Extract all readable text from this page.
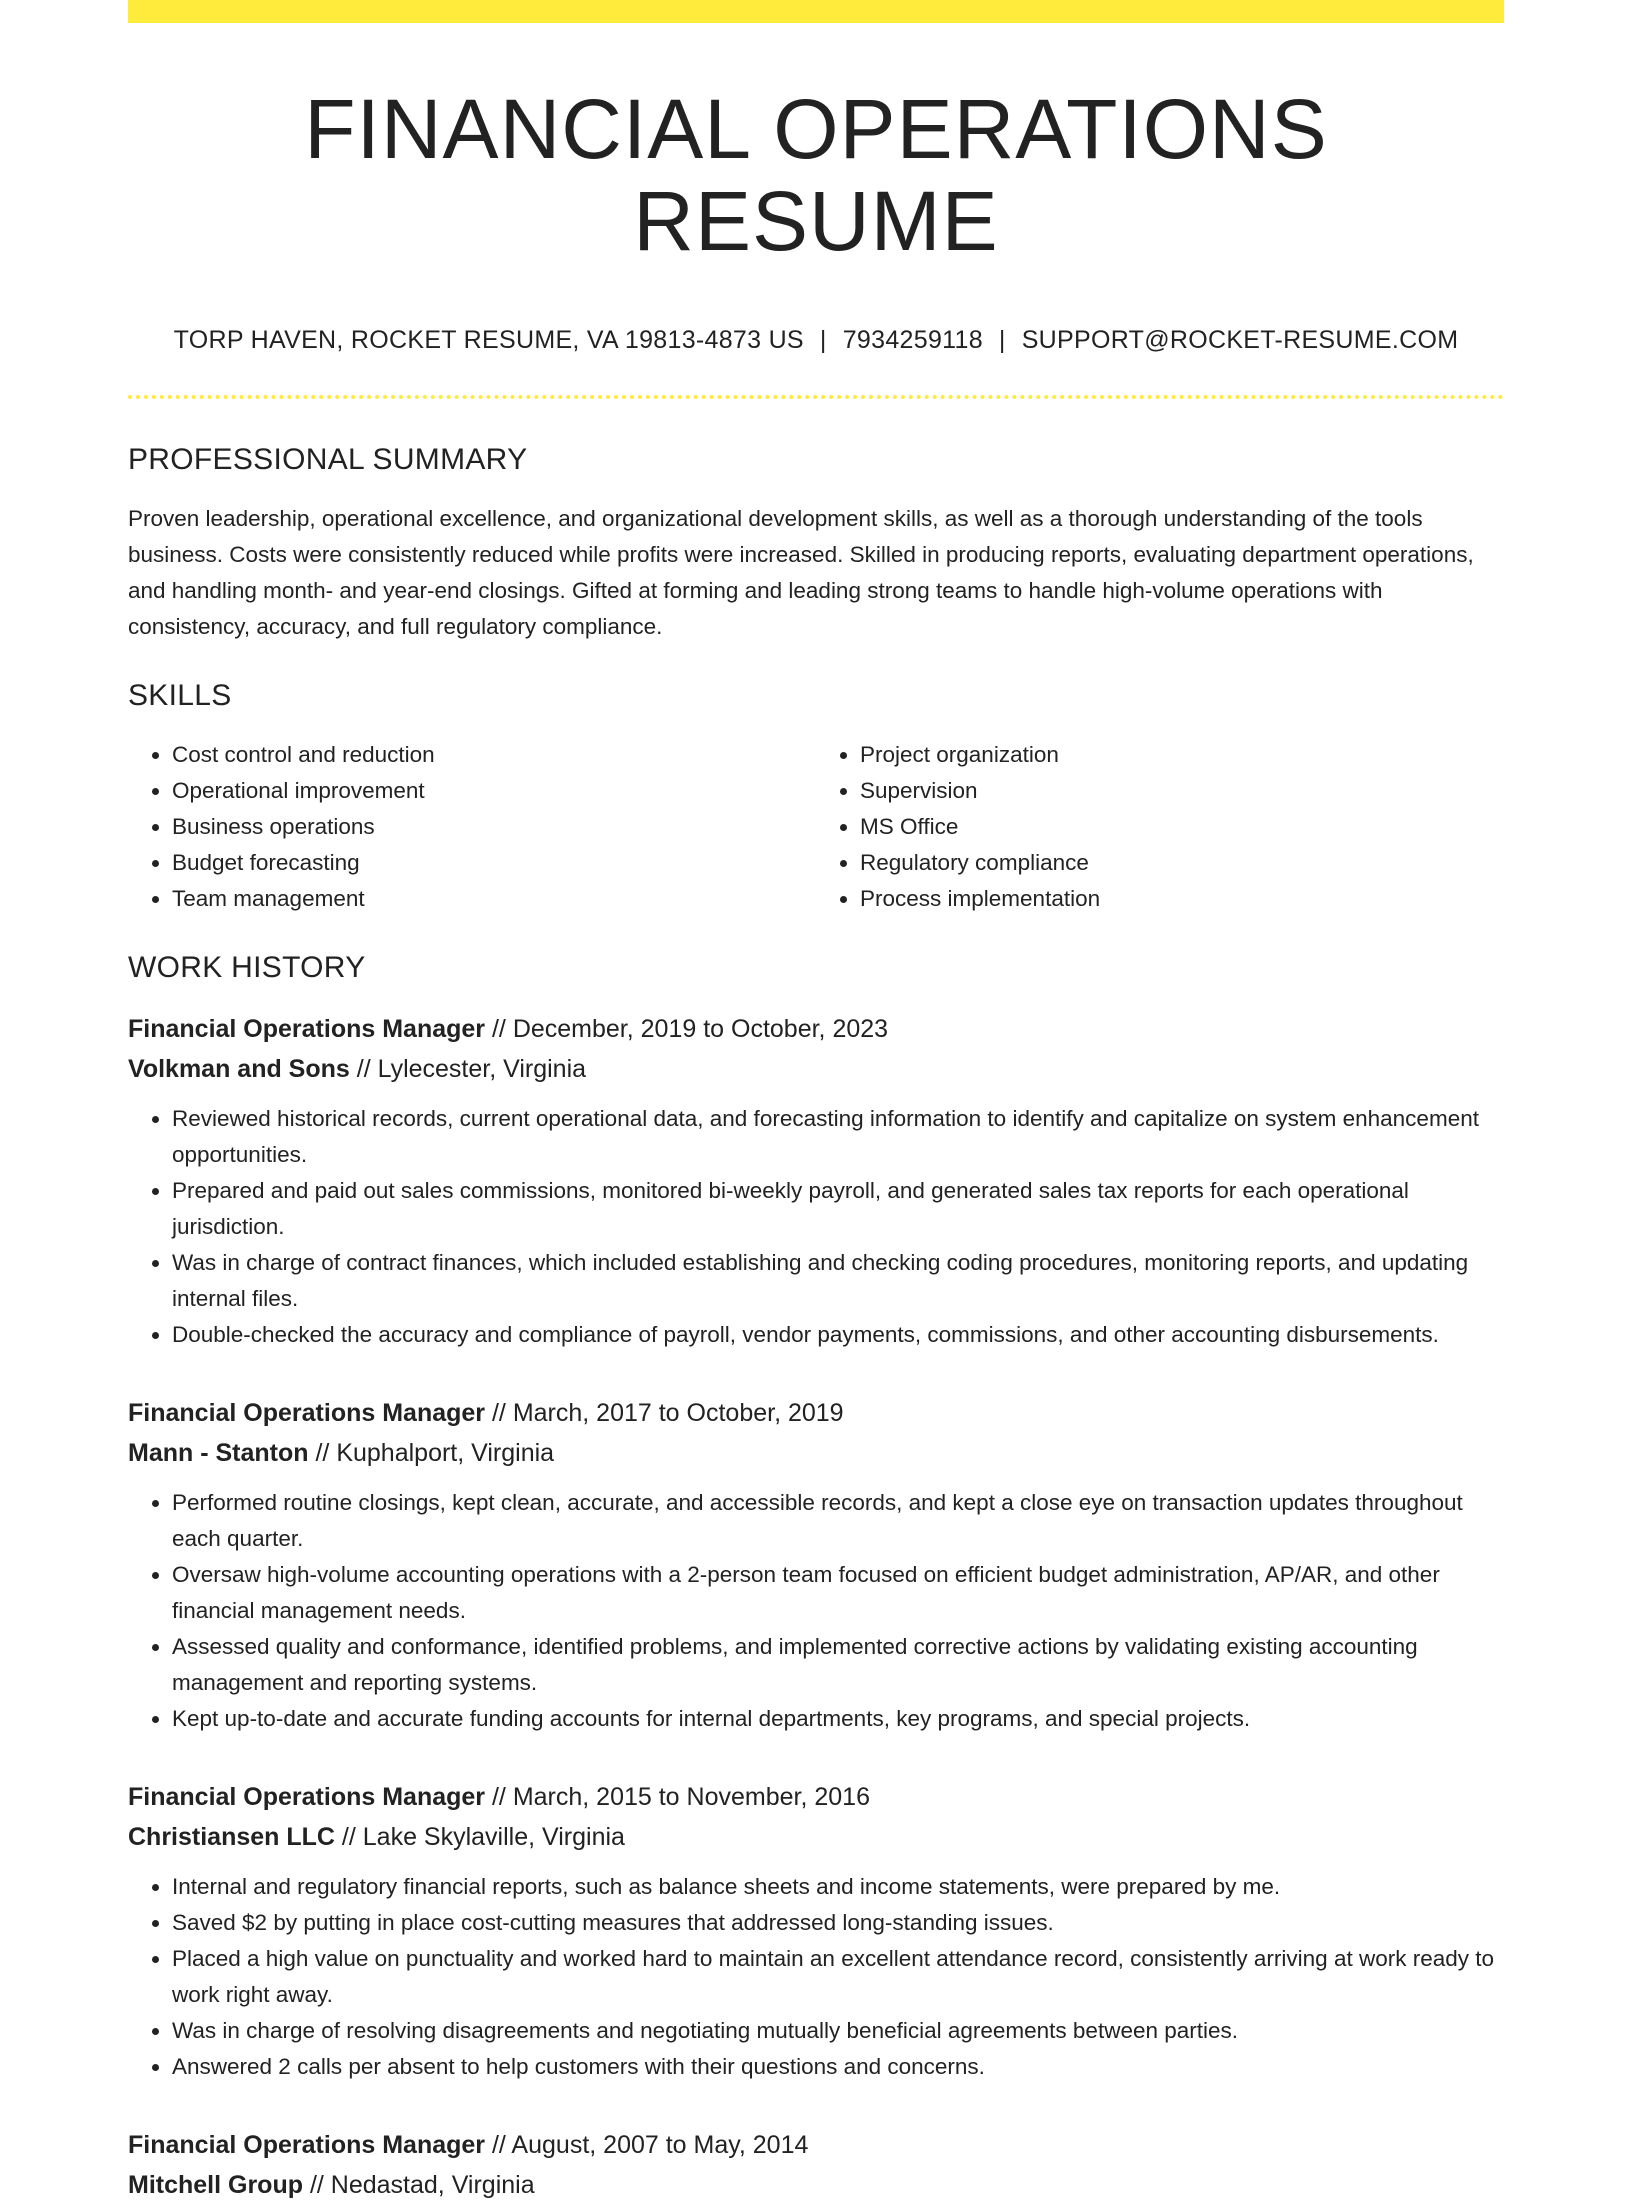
FINANCIAL OPERATIONS RESUME
TORP HAVEN, ROCKET RESUME, VA 19813-4873 US | 7934259118 | SUPPORT@ROCKET-RESUME.COM
PROFESSIONAL SUMMARY

Proven leadership, operational excellence, and organizational development skills, as well as a thorough understanding of the tools business. Costs were consistently reduced while profits were increased. Skilled in producing reports, evaluating department operations, and handling month- and year-end closings. Gifted at forming and leading strong teams to handle high-volume operations with consistency, accuracy, and full regulatory compliance.

SKILLS
• Cost control and reduction
• Operational improvement
• Business operations
• Budget forecasting
• Team management
• Project organization
• Supervision
• MS Office
• Regulatory compliance
• Process implementation
WORK HISTORY
Financial Operations Manager // December, 2019 to October, 2023
Volkman and Sons // Lylecester, Virginia
• Reviewed historical records, current operational data, and forecasting information to identify and capitalize on system enhancement opportunities.
• Prepared and paid out sales commissions, monitored bi-weekly payroll, and generated sales tax reports for each operational jurisdiction.
• Was in charge of contract finances, which included establishing and checking coding procedures, monitoring reports, and updating internal files.
• Double-checked the accuracy and compliance of payroll, vendor payments, commissions, and other accounting disbursements.
Financial Operations Manager // March, 2017 to October, 2019
Mann - Stanton // Kuphalport, Virginia
• Performed routine closings, kept clean, accurate, and accessible records, and kept a close eye on transaction updates throughout each quarter.
• Oversaw high-volume accounting operations with a 2-person team focused on efficient budget administration, AP/AR, and other financial management needs.
• Assessed quality and conformance, identified problems, and implemented corrective actions by validating existing accounting management and reporting systems.
• Kept up-to-date and accurate funding accounts for internal departments, key programs, and special projects.
Financial Operations Manager // March, 2015 to November, 2016
Christiansen LLC // Lake Skylaville, Virginia
• Internal and regulatory financial reports, such as balance sheets and income statements, were prepared by me.
• Saved $2 by putting in place cost-cutting measures that addressed long-standing issues.
• Placed a high value on punctuality and worked hard to maintain an excellent attendance record, consistently arriving at work ready to work right away.
• Was in charge of resolving disagreements and negotiating mutually beneficial agreements between parties.
• Answered 2 calls per absent to help customers with their questions and concerns.
Financial Operations Manager // August, 2007 to May, 2014
Mitchell Group // Nedastad, Virginia
